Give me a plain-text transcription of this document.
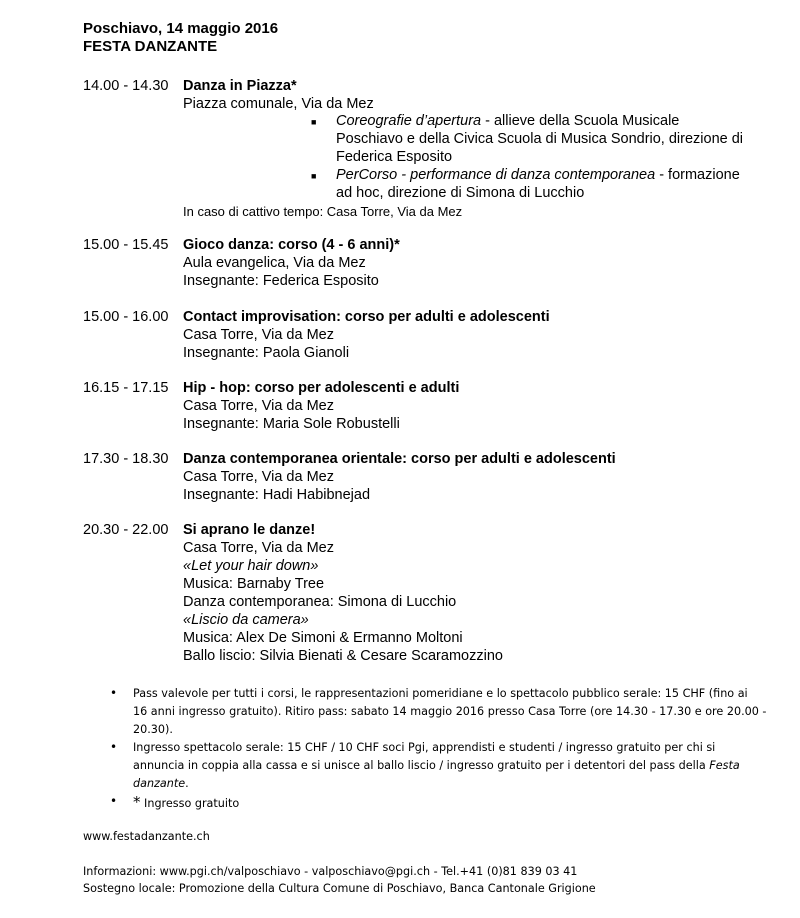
Poschiavo, 14 maggio 2016
FESTA DANZANTE
14.00 - 14.30 Danza in Piazza*
Piazza comunale, Via da Mez
■ Coreografie d’apertura - allieve della Scuola Musicale
Poschiavo e della Civica Scuola di Musica Sondrio, direzione di
Federica Esposito
■ PerCorso - performance di danza contemporanea - formazione
ad hoc, direzione di Simona di Lucchio
In caso di cattivo tempo: Casa Torre, Via da Mez
15.00 - 15.45 Gioco danza: corso (4 - 6 anni)*
Aula evangelica, Via da Mez
Insegnante: Federica Esposito
15.00 - 16.00 Contact improvisation: corso per adulti e adolescenti
Casa Torre, Via da Mez
Insegnante: Paola Gianoli
16.15 - 17.15 Hip - hop: corso per adolescenti e adulti
Casa Torre, Via da Mez
Insegnante: Maria Sole Robustelli
17.30 - 18.30 Danza contemporanea orientale: corso per adulti e adolescenti
Casa Torre, Via da Mez
Insegnante: Hadi Habibnejad
20.30 - 22.00 Si aprano le danze!
Casa Torre, Via da Mez
«Let your hair down»
Musica: Barnaby Tree
Danza contemporanea: Simona di Lucchio
«Liscio da camera»
Musica: Alex De Simoni & Ermanno Moltoni
Ballo liscio: Silvia Bienati & Cesare Scaramozzino
• Pass valevole per tutti i corsi, le rappresentazioni pomeridiane e lo spettacolo pubblico serale: 15 CHF (fino ai
16 anni ingresso gratuito). Ritiro pass: sabato 14 maggio 2016 presso Casa Torre (ore 14.30 - 17.30 e ore 20.00 -
20.30).
• Ingresso spettacolo serale: 15 CHF / 10 CHF soci Pgi, apprendisti e studenti / ingresso gratuito per chi si
annuncia in coppia alla cassa e si unisce al ballo liscio / ingresso gratuito per i detentori del pass della Festa
danzante.
• * Ingresso gratuito
www.festadanzante.ch
Informazioni: www.pgi.ch/valposchiavo - valposchiavo@pgi.ch - Tel.+41 (0)81 839 03 41
Sostegno locale: Promozione della Cultura Comune di Poschiavo, Banca Cantonale Grigione
